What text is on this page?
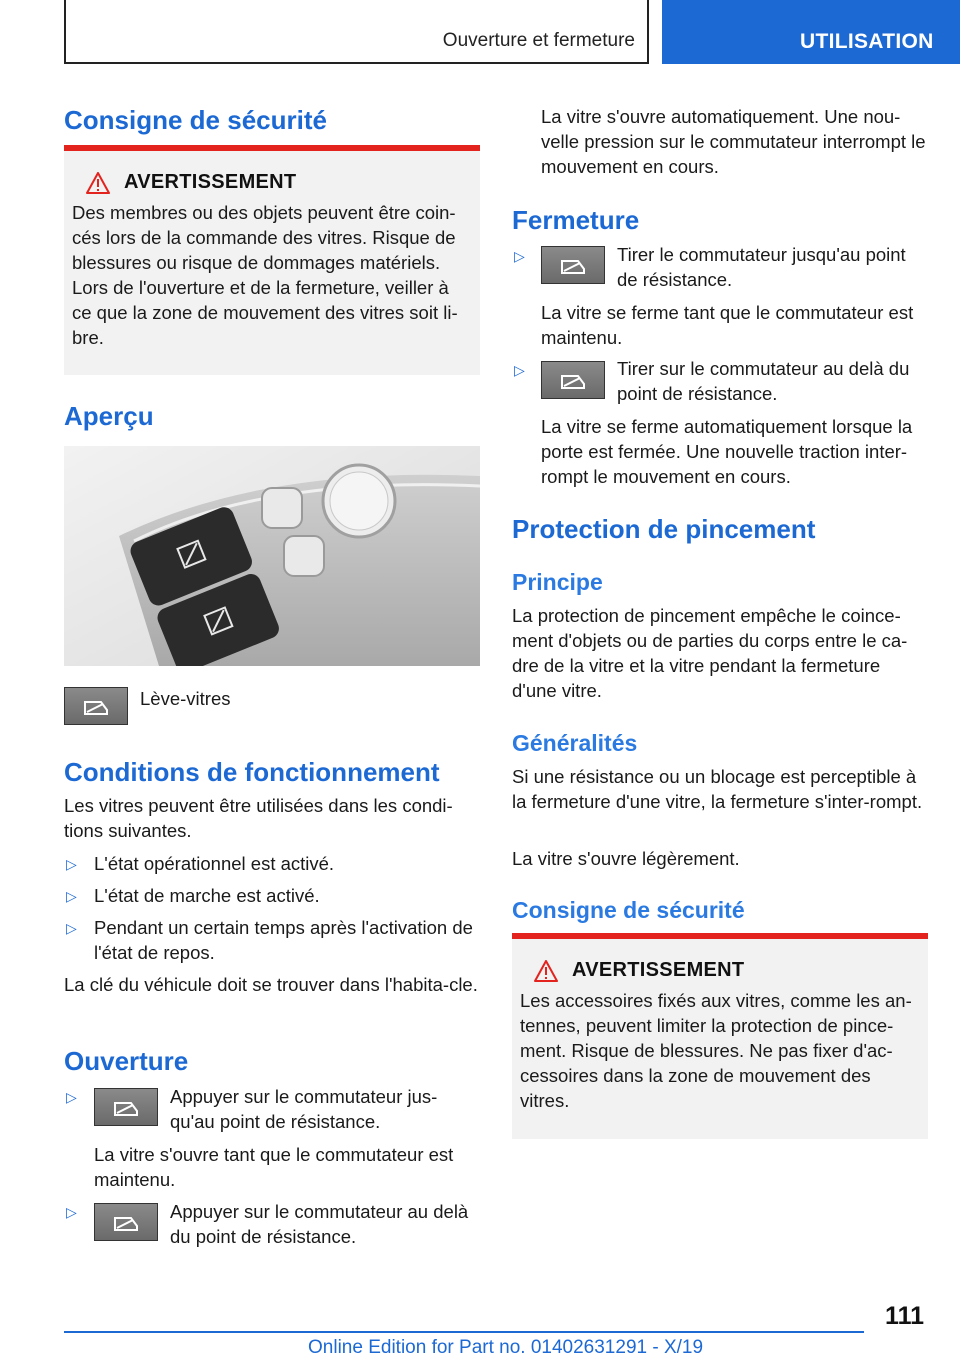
Ouverture et fermeture	UTILISATION
Consigne de sécurité
AVERTISSEMENT

Des membres ou des objets peuvent être coin-cés lors de la commande des vitres. Risque de blessures ou risque de dommages matériels. Lors de l'ouverture et de la fermeture, veiller à ce que la zone de mouvement des vitres soit li-bre.

Aperçu

Lève-vitres

Conditions de fonctionnement

Les vitres peuvent être utilisées dans les condi-tions suivantes.

▷ L'état opérationnel est activé.

▷ L'état de marche est activé.

▷ Pendant un certain temps après l'activation de l'état de repos.

La clé du véhicule doit se trouver dans l'habita-cle.

Ouverture
▷	Appuyer sur le commutateur jus-qu'au point de résistance.

La vitre s'ouvre tant que le commutateur est maintenu.

▷	Appuyer sur le commutateur au delà du point de résistance.

La vitre s'ouvre automatiquement. Une nou-velle pression sur le commutateur interrompt le mouvement en cours.

Fermeture
▷	Tirer le commutateur jusqu'au point de résistance.

La vitre se ferme tant que le commutateur est maintenu.

▷	Tirer sur le commutateur au delà du point de résistance.

La vitre se ferme automatiquement lorsque la porte est fermée. Une nouvelle traction inter-rompt le mouvement en cours.

Protection de pincement
Principe

La protection de pincement empêche le coince-ment d'objets ou de parties du corps entre le ca-dre de la vitre et la vitre pendant la fermeture d'une vitre.

Généralités

Si une résistance ou un blocage est perceptible à la fermeture d'une vitre, la fermeture s'inter-rompt.

La vitre s'ouvre légèrement.

Consigne de sécurité
AVERTISSEMENT

Les accessoires fixés aux vitres, comme les an-tennes, peuvent limiter la protection de pince-ment. Risque de blessures. Ne pas fixer d'ac-cessoires dans la zone de mouvement des vitres.

111
Online Edition for Part no. 01402631291 - X/19
